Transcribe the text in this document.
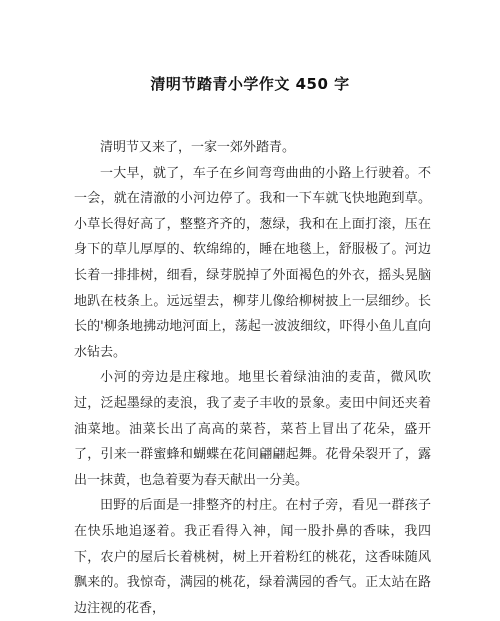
清明节踏青小学作文 450 字

清明节又来了，一家一郊外踏青。

一大早，就了，车子在乡间弯弯曲曲的小路上行驶着。不一会，就在清澈的小河边停了。我和一下车就飞快地跑到草。小草长得好高了，整整齐齐的，葱绿，我和在上面打滚，压在身下的草儿厚厚的、软绵绵的，睡在地毯上，舒服极了。河边长着一排排树，细看，绿芽脱掉了外面褐色的外衣，摇头晃脑地趴在枝条上。远远望去，柳芽儿像给柳树披上一层细纱。长长的'柳条地拂动地河面上，荡起一波波细纹，吓得小鱼儿直向水钻去。

小河的旁边是庄稼地。地里长着绿油油的麦苗，微风吹过，泛起墨绿的麦浪，我了麦子丰收的景象。麦田中间还夹着油菜地。油菜长出了高高的菜苔，菜苔上冒出了花朵，盛开了，引来一群蜜蜂和蝴蝶在花间翩翩起舞。花骨朵裂开了，露出一抹黄，也急着要为春天献出一分美。

田野的后面是一排整齐的村庄。在村子旁，看见一群孩子在快乐地追逐着。我正看得入神，闻一股扑鼻的香味，我四下，农户的屋后长着桃树，树上开着粉红的桃花，这香味随风飘来的。我惊奇，满园的桃花，绿着满园的香气。正太站在路边注视的花香，
